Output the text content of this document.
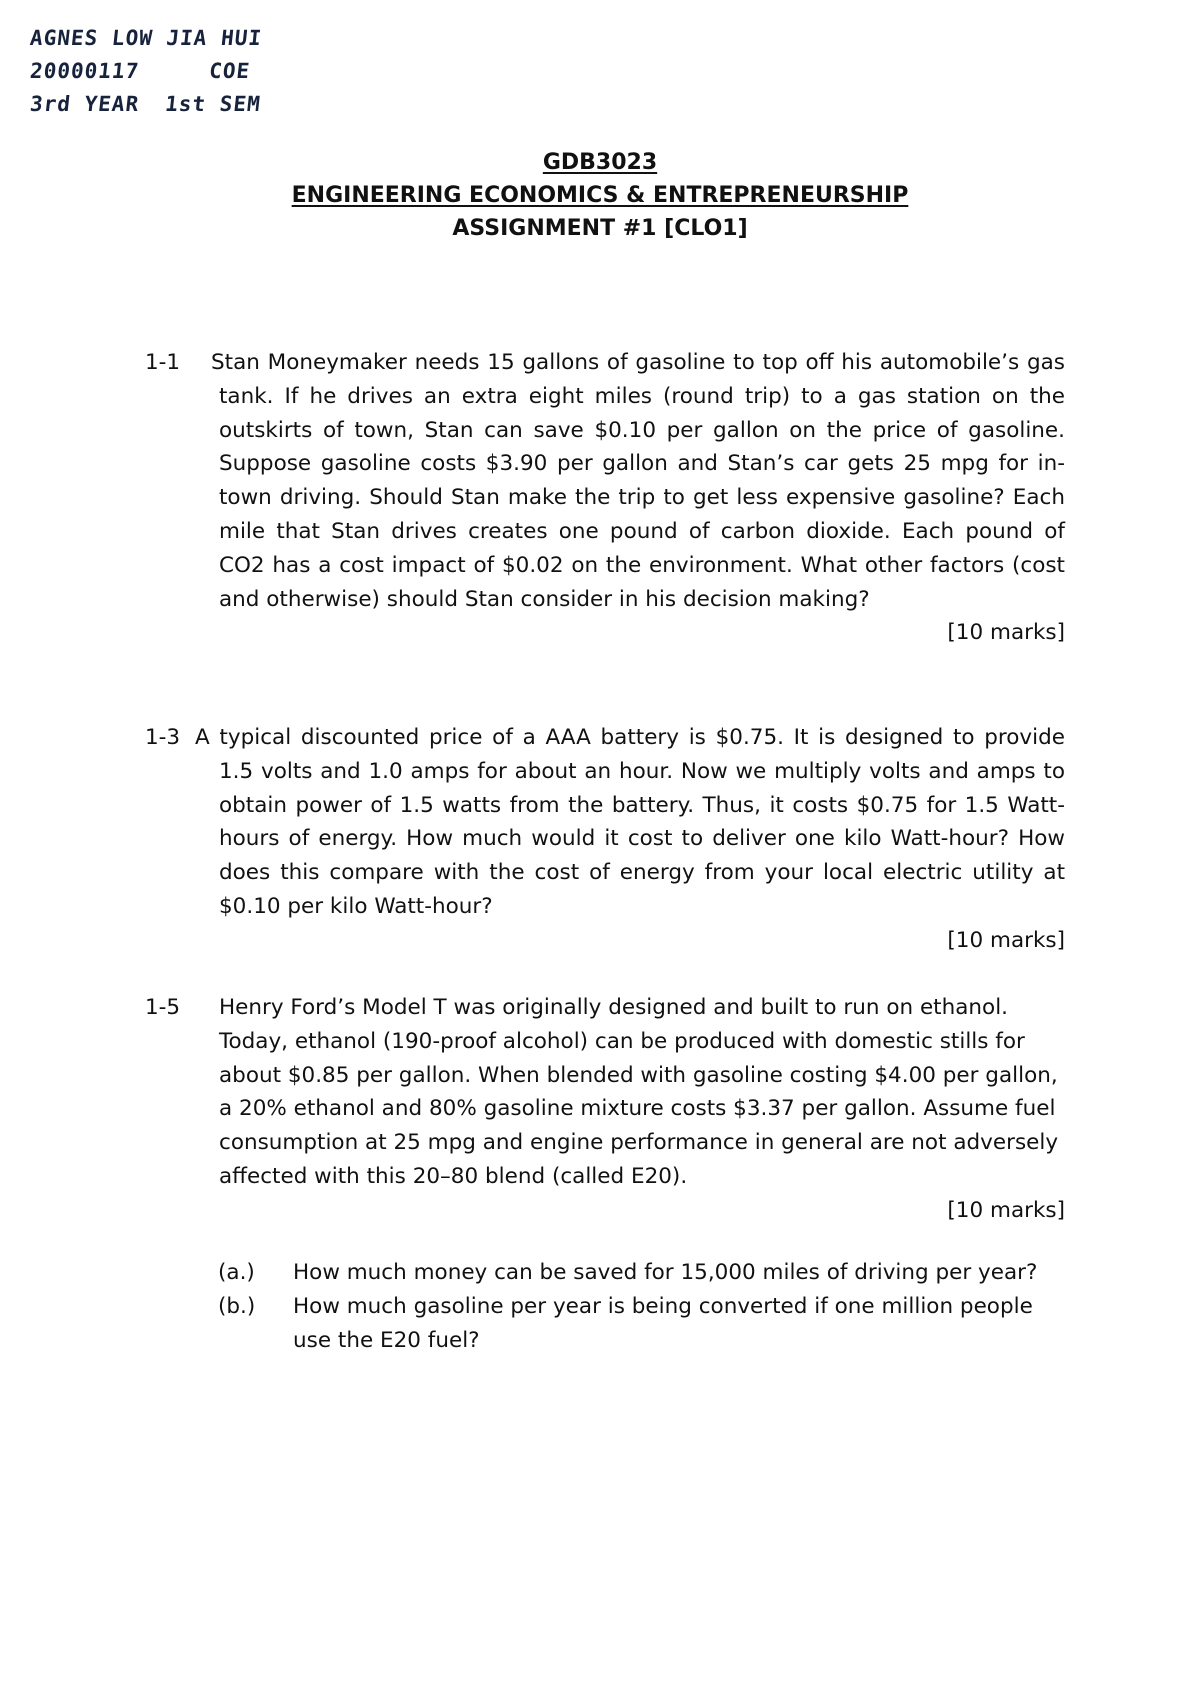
AGNES LOW JIA HUI
20000117	COE
3rd YEAR 1st SEM
GDB3023
ENGINEERING ECONOMICS & ENTREPRENEURSHIP
ASSIGNMENT #1 [CLO1]
1-1 Stan Moneymaker needs 15 gallons of gasoline to top off his automobile’s gas tank. If he drives an extra eight miles (round trip) to a gas station on the outskirts of town, Stan can save $0.10 per gallon on the price of gasoline. Suppose gasoline costs $3.90 per gallon and Stan’s car gets 25 mpg for in-town driving. Should Stan make the trip to get less expensive gasoline? Each mile that Stan drives creates one pound of carbon dioxide. Each pound of CO2 has a cost impact of $0.02 on the environment. What other factors (cost and otherwise) should Stan consider in his decision making?
[10 marks]
1-3 A typical discounted price of a AAA battery is $0.75. It is designed to provide 1.5 volts and 1.0 amps for about an hour. Now we multiply volts and amps to obtain power of 1.5 watts from the battery. Thus, it costs $0.75 for 1.5 Watt-hours of energy. How much would it cost to deliver one kilo Watt-hour? How does this compare with the cost of energy from your local electric utility at $0.10 per kilo Watt-hour?
[10 marks]
1-5 Henry Ford’s Model T was originally designed and built to run on ethanol. Today, ethanol (190-proof alcohol) can be produced with domestic stills for about $0.85 per gallon. When blended with gasoline costing $4.00 per gallon, a 20% ethanol and 80% gasoline mixture costs $3.37 per gallon. Assume fuel consumption at 25 mpg and engine performance in general are not adversely affected with this 20–80 blend (called E20).
[10 marks]
(a.) How much money can be saved for 15,000 miles of driving per year?
(b.) How much gasoline per year is being converted if one million people use the E20 fuel?
